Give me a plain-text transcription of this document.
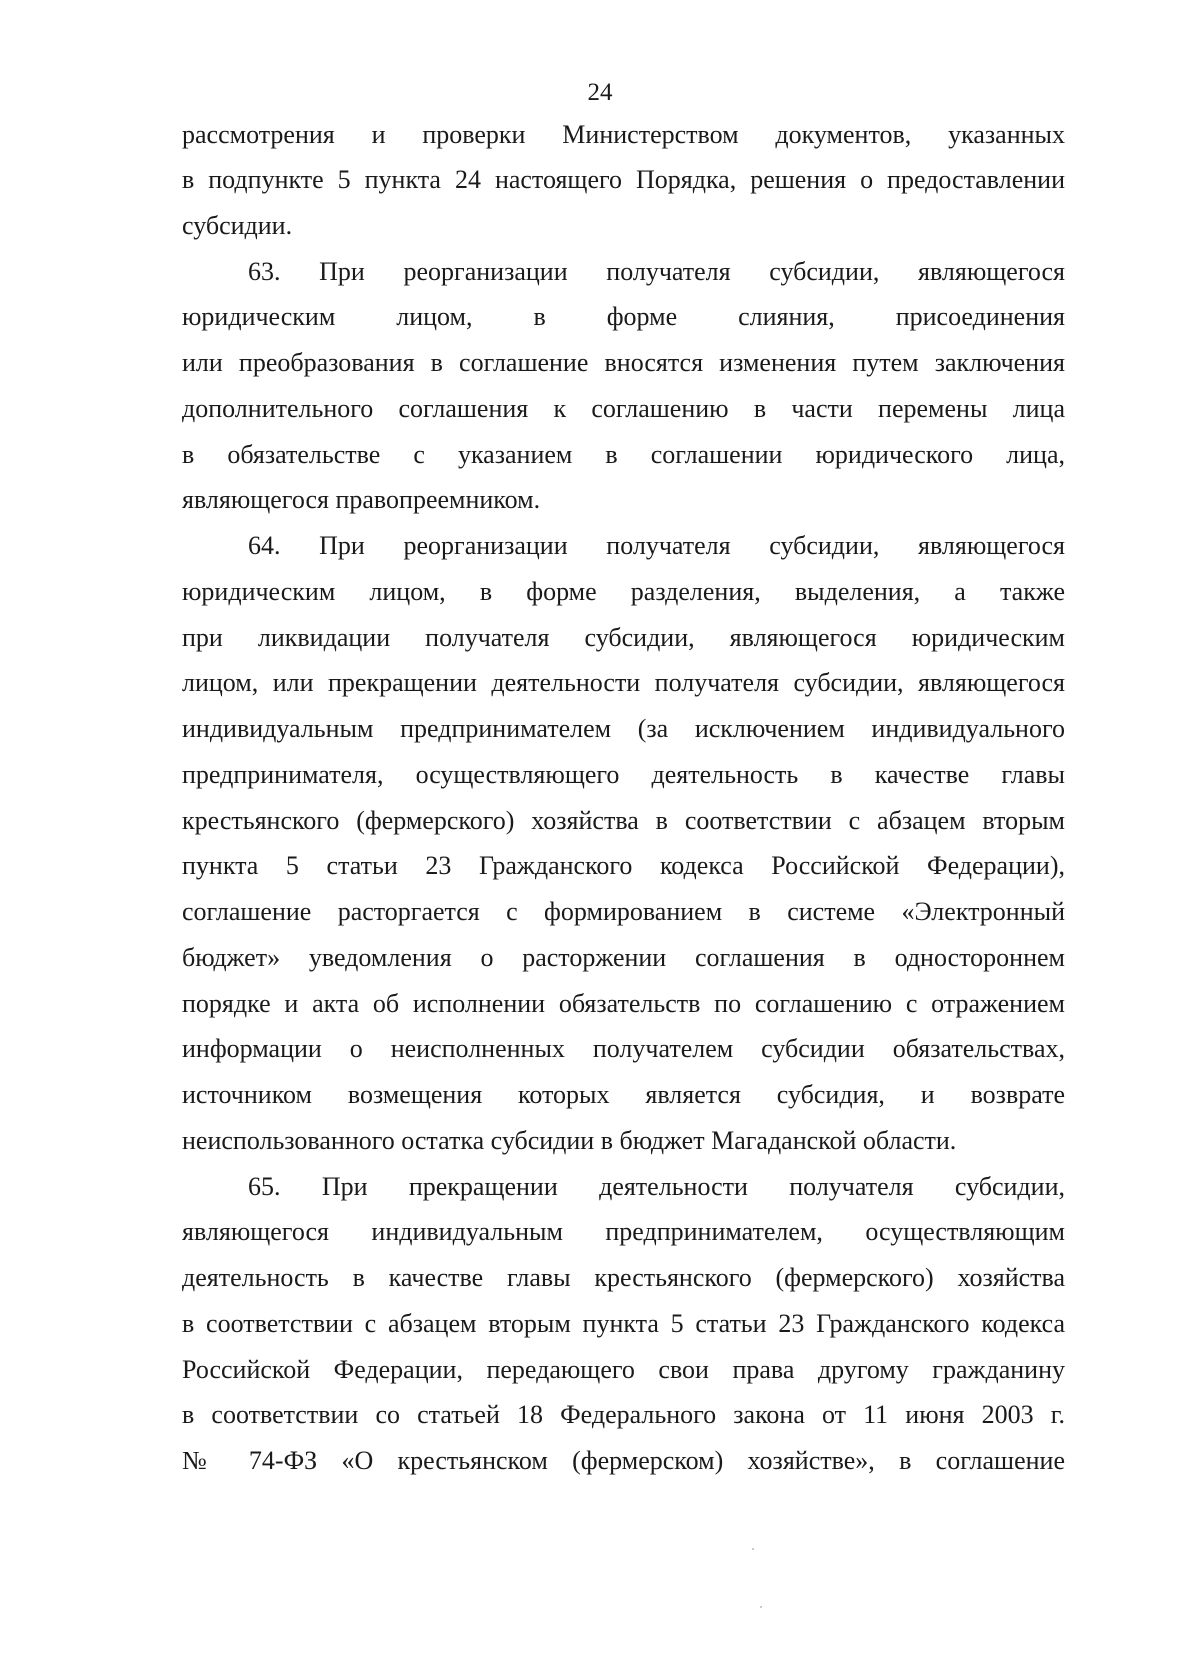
24
рассмотрения и проверки Министерством документов, указанных
в подпункте 5 пункта 24 настоящего Порядка, решения о предоставлении
субсидии.
63. При реорганизации получателя субсидии, являющегося
юридическим лицом, в форме слияния, присоединения
или преобразования в соглашение вносятся изменения путем заключения
дополнительного соглашения к соглашению в части перемены лица
в обязательстве с указанием в соглашении юридического лица,
являющегося правопреемником.
64. При реорганизации получателя субсидии, являющегося
юридическим лицом, в форме разделения, выделения, а также
при ликвидации получателя субсидии, являющегося юридическим
лицом, или прекращении деятельности получателя субсидии, являющегося
индивидуальным предпринимателем (за исключением индивидуального
предпринимателя, осуществляющего деятельность в качестве главы
крестьянского (фермерского) хозяйства в соответствии с абзацем вторым
пункта 5 статьи 23 Гражданского кодекса Российской Федерации),
соглашение расторгается с формированием в системе «Электронный
бюджет» уведомления о расторжении соглашения в одностороннем
порядке и акта об исполнении обязательств по соглашению с отражением
информации о неисполненных получателем субсидии обязательствах,
источником возмещения которых является субсидия, и возврате
неиспользованного остатка субсидии в бюджет Магаданской области.
65. При прекращении деятельности получателя субсидии,
являющегося индивидуальным предпринимателем, осуществляющим
деятельность в качестве главы крестьянского (фермерского) хозяйства
в соответствии с абзацем вторым пункта 5 статьи 23 Гражданского кодекса
Российской Федерации, передающего свои права другому гражданину
в соответствии со статьей 18 Федерального закона от 11 июня 2003 г.
№ 74-ФЗ «О крестьянском (фермерском) хозяйстве», в соглашение
